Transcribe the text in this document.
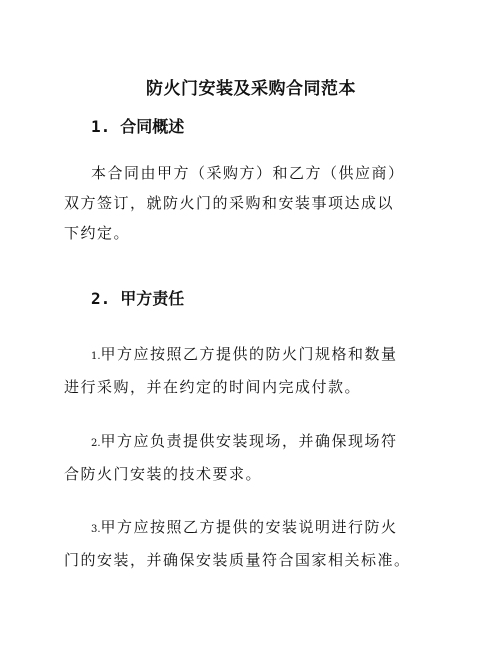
防火门安装及采购合同范本
1. 合同概述
本合同由甲方（采购方）和乙方（供应商）
双方签订，就防火门的采购和安装事项达成以
下约定。
2. 甲方责任
1.甲方应按照乙方提供的防火门规格和数量
进行采购，并在约定的时间内完成付款。
2.甲方应负责提供安装现场，并确保现场符
合防火门安装的技术要求。
3.甲方应按照乙方提供的安装说明进行防火
门的安装，并确保安装质量符合国家相关标准。
